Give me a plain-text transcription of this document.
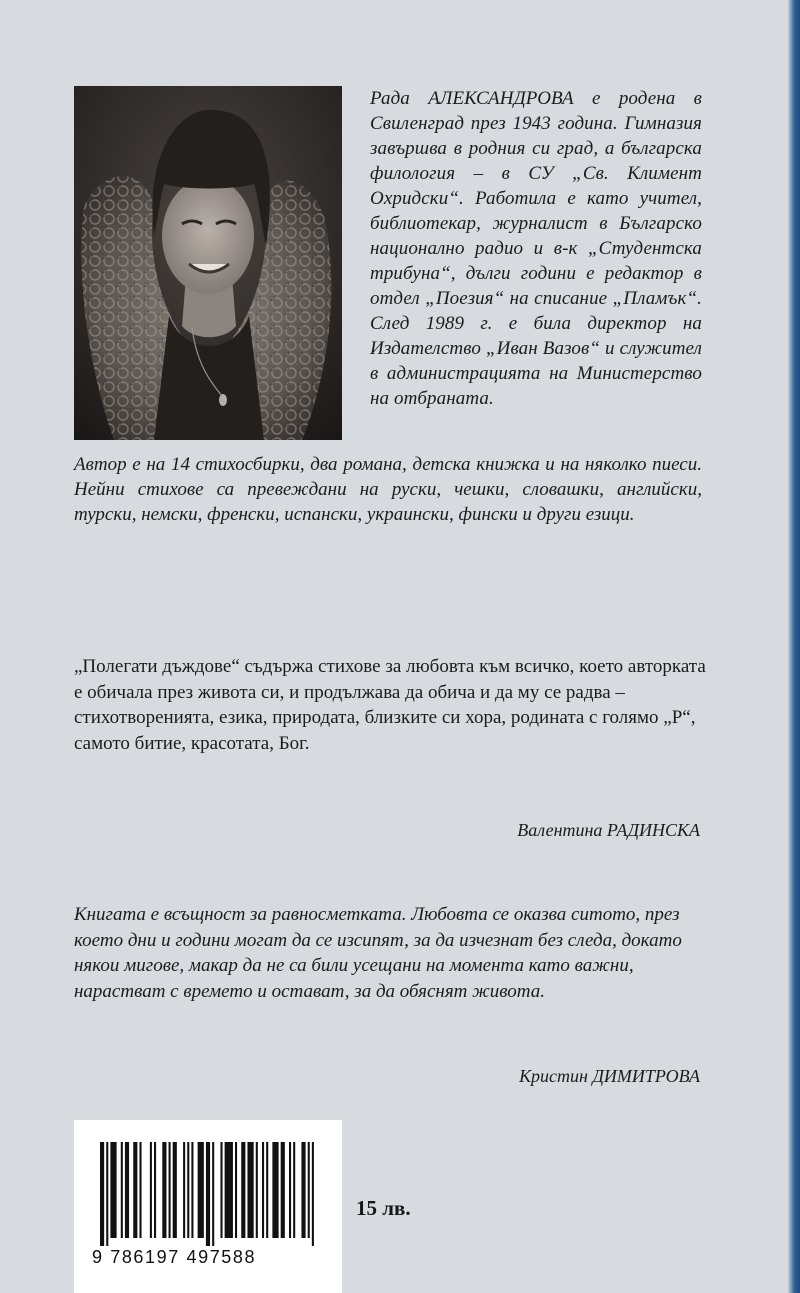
Рада АЛЕКСАНДРОВА е родена в Свиленград през 1943 година. Гимназия завършва в родния си град, а българска филология – в СУ „Св. Климент Охридски“. Работила е като учител, библиотекар, журналист в Българско национално радио и в-к „Студентска трибуна“, дълги години е редактор в отдел „Поезия“ на списание „Пламък“. След 1989 г. е била директор на Издателство „Иван Вазов“ и служител в администрацията на Министерство на отбраната.

Автор е на 14 стихосбирки, два романа, детска книжка и на няколко пиеси. Нейни стихове са превеждани на руски, чешки, словашки, английски, турски, немски, френски, испански, украински, фински и други езици.

„Полегати дъждове“ съдържа стихове за любовта към всичко, което авторката е обичала през живота си, и продължава да обича и да му се радва – стихотворенията, езика, природата, близките си хора, родината с голямо „Р“, самото битие, красотата, Бог.

Валентина РАДИНСКА

Книгата е всъщност за равносметката. Любовта се оказва ситото, през което дни и години могат да се изсипят, за да изчезнат без следа, докато някои мигове, макар да не са били усещани на момента като важни, нарастват с времето и остават, за да обяснят живота.

Кристин ДИМИТРОВА
9 786197 497588
15 лв.
